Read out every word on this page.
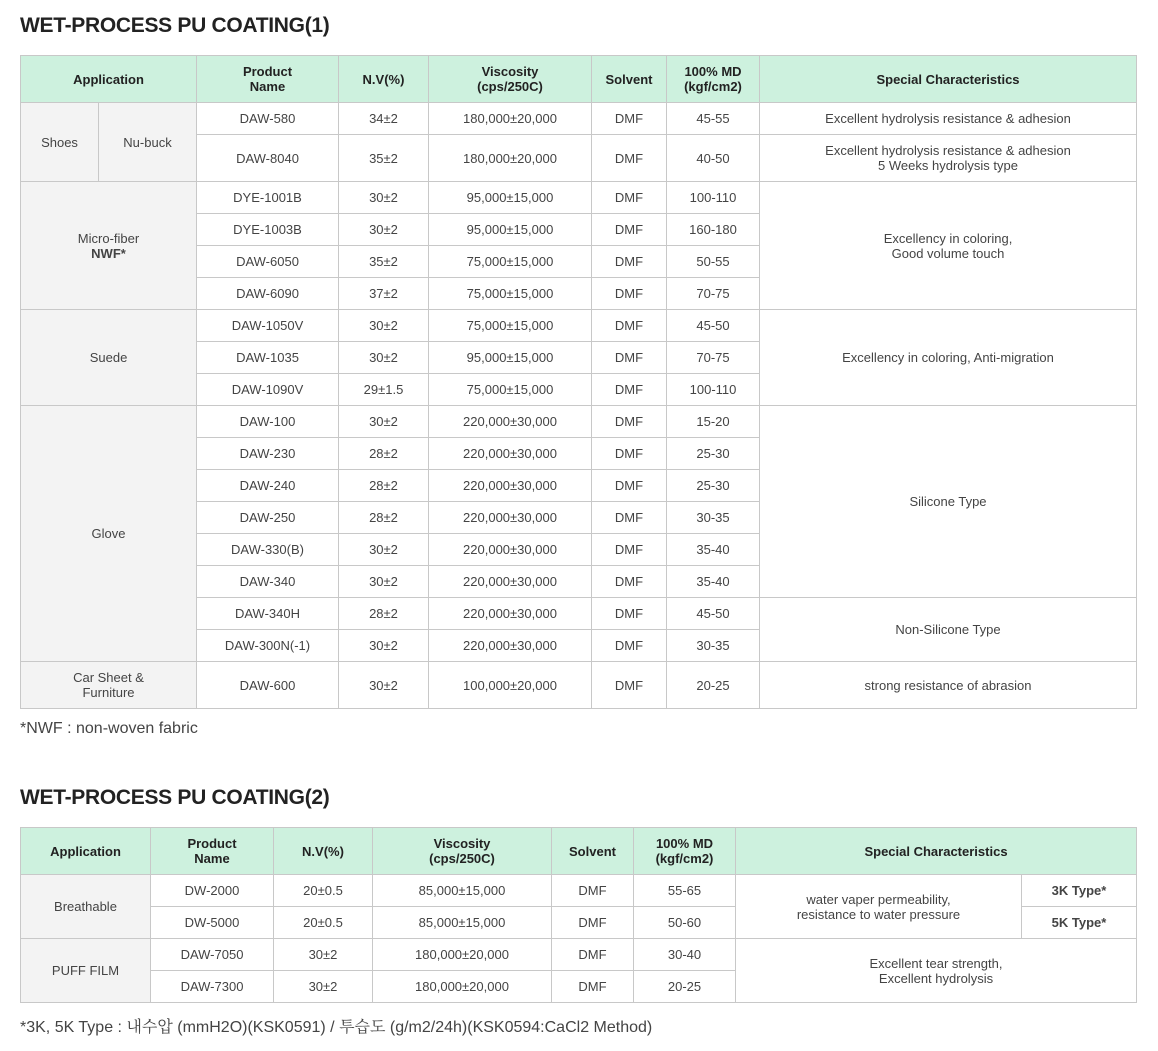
WET-PROCESS PU COATING(1)
Application		Product
Name	N.V(%)	Viscosity
(cps/250C)	Solvent	100% MD
(kgf/cm2)	Special Characteristics
Shoes	Nu-buck	DAW-580	34±2	180,000±20,000	DMF	45-55	Excellent hydrolysis resistance & adhesion
		DAW-8040	35±2	180,000±20,000	DMF	40-50	Excellent hydrolysis resistance & adhesion
5 Weeks hydrolysis type
Micro-fiber
NWF*		DYE-1001B	30±2	95,000±15,000	DMF	100-110	Excellency in coloring,
Good volume touch
		DYE-1003B	30±2	95,000±15,000	DMF	160-180	
		DAW-6050	35±2	75,000±15,000	DMF	50-55	
		DAW-6090	37±2	75,000±15,000	DMF	70-75	
Suede		DAW-1050V	30±2	75,000±15,000	DMF	45-50	Excellency in coloring, Anti-migration
		DAW-1035	30±2	95,000±15,000	DMF	70-75	
		DAW-1090V	29±1.5	75,000±15,000	DMF	100-110	
Glove		DAW-100	30±2	220,000±30,000	DMF	15-20	Silicone Type
		DAW-230	28±2	220,000±30,000	DMF	25-30	
		DAW-240	28±2	220,000±30,000	DMF	25-30	
		DAW-250	28±2	220,000±30,000	DMF	30-35	
		DAW-330(B)	30±2	220,000±30,000	DMF	35-40	
		DAW-340	30±2	220,000±30,000	DMF	35-40	
		DAW-340H	28±2	220,000±30,000	DMF	45-50	Non-Silicone Type
		DAW-300N(-1)	30±2	220,000±30,000	DMF	30-35	
Car Sheet &
Furniture		DAW-600	30±2	100,000±20,000	DMF	20-25	strong resistance of abrasion

*NWF : non-woven fabric

WET-PROCESS PU COATING(2)
Application	Product
Name	N.V(%)	Viscosity
(cps/250C)	Solvent	100% MD
(kgf/cm2)	Special Characteristics	
Breathable	DW-2000	20±0.5	85,000±15,000	DMF	55-65	water vaper permeability,
resistance to water pressure	3K Type*
	DW-5000	20±0.5	85,000±15,000	DMF	50-60		5K Type*
PUFF FILM	DAW-7050	30±2	180,000±20,000	DMF	30-40	Excellent tear strength,
Excellent hydrolysis	
	DAW-7300	30±2	180,000±20,000	DMF	20-25		

*3K, 5K Type : 내수압 (mmH2O)(KSK0591) / 투습도 (g/m2/24h)(KSK0594:CaCl2 Method)
